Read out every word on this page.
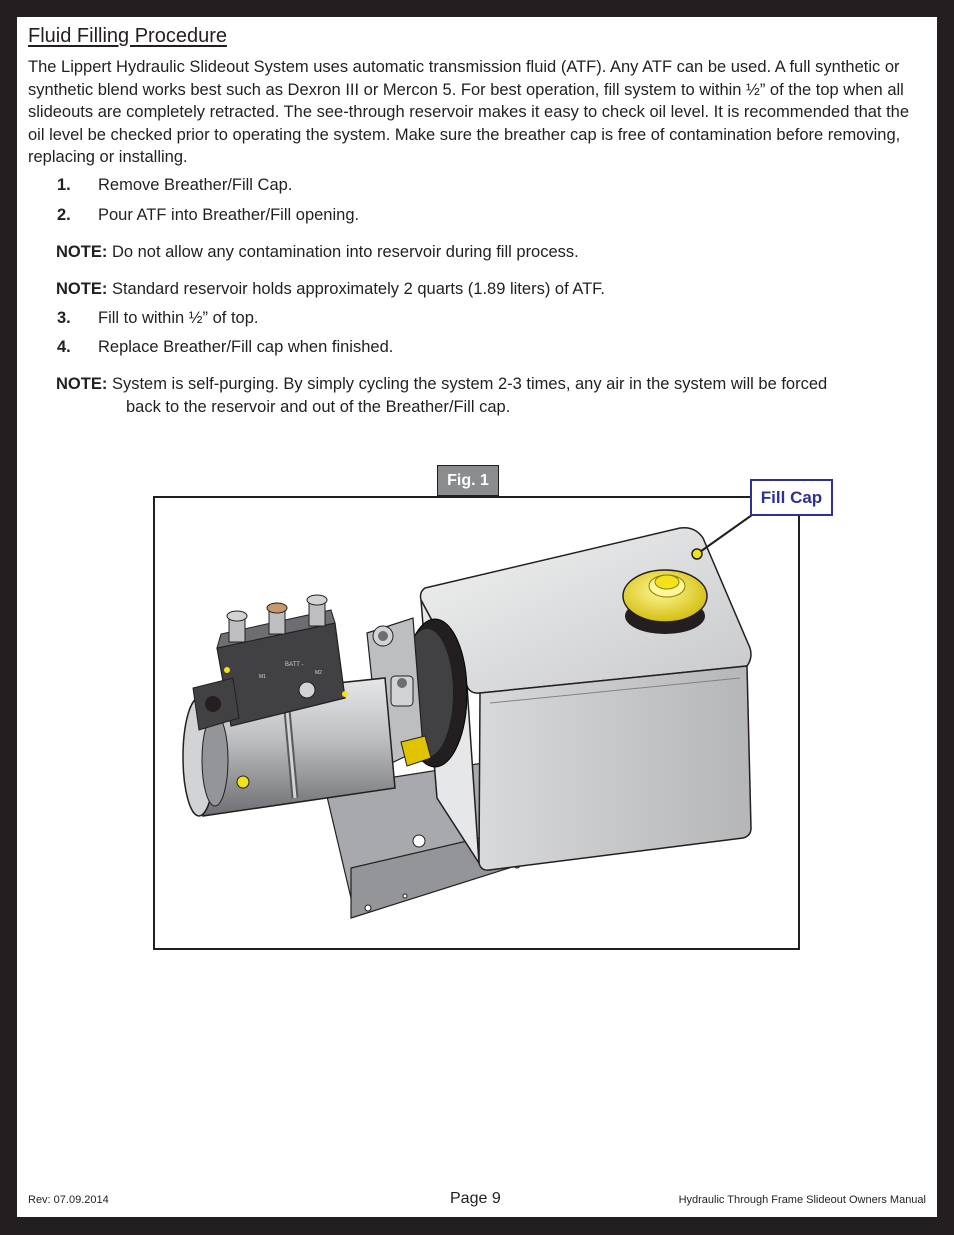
Fluid Filling Procedure

The Lippert Hydraulic Slideout System uses automatic transmission fluid (ATF). Any ATF can be used. A full synthetic or synthetic blend works best such as Dexron III or Mercon 5. For best operation, fill system to within ½” of the top when all slideouts are completely retracted. The see-through reservoir makes it easy to check oil level. It is recommended that the oil level be checked prior to operating the system. Make sure the breather cap is free of contamination before removing, replacing or installing.

1. Remove Breather/Fill Cap.
2. Pour ATF into Breather/Fill opening.
NOTE: Do not allow any contamination into reservoir during fill process.
NOTE: Standard reservoir holds approximately 2 quarts (1.89 liters) of ATF.
3. Fill to within ½” of top.
4. Replace Breather/Fill cap when finished.
NOTE: System is self-purging. By simply cycling the system 2-3 times, any air in the system will be forced
back to the reservoir and out of the Breather/Fill cap.
Fig. 1
BATT -
M1
M2
Fill Cap
Rev: 07.09.2014	Page 9	Hydraulic Through Frame Slideout Owners Manual
